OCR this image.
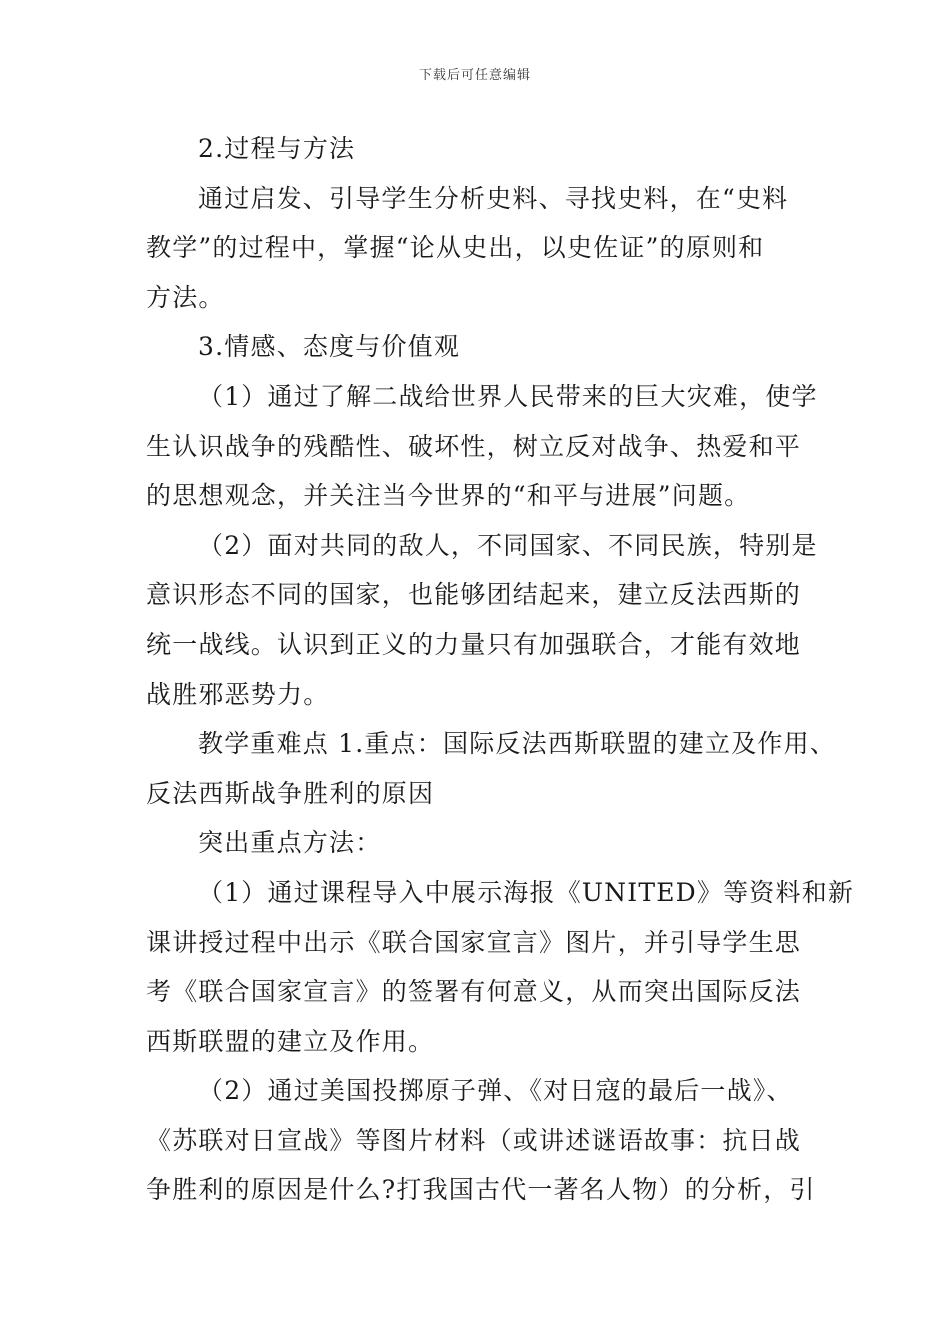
下载后可任意编辑
2.过程与方法
通过启发、引导学生分析史料、寻找史料，在“史料
教学”的过程中，掌握“论从史出，以史佐证”的原则和
方法。
3.情感、态度与价值观
（1）通过了解二战给世界人民带来的巨大灾难，使学
生认识战争的残酷性、破坏性，树立反对战争、热爱和平
的思想观念，并关注当今世界的“和平与进展”问题。
（2）面对共同的敌人，不同国家、不同民族，特别是
意识形态不同的国家，也能够团结起来，建立反法西斯的
统一战线。认识到正义的力量只有加强联合，才能有效地
战胜邪恶势力。
教学重难点 1.重点：国际反法西斯联盟的建立及作用、
反法西斯战争胜利的原因
突出重点方法：
（1）通过课程导入中展示海报《UNITED》等资料和新
课讲授过程中出示《联合国家宣言》图片，并引导学生思
考《联合国家宣言》的签署有何意义，从而突出国际反法
西斯联盟的建立及作用。
（2）通过美国投掷原子弹、《对日寇的最后一战》、
《苏联对日宣战》等图片材料（或讲述谜语故事：抗日战
争胜利的原因是什么?打我国古代一著名人物）的分析，引
